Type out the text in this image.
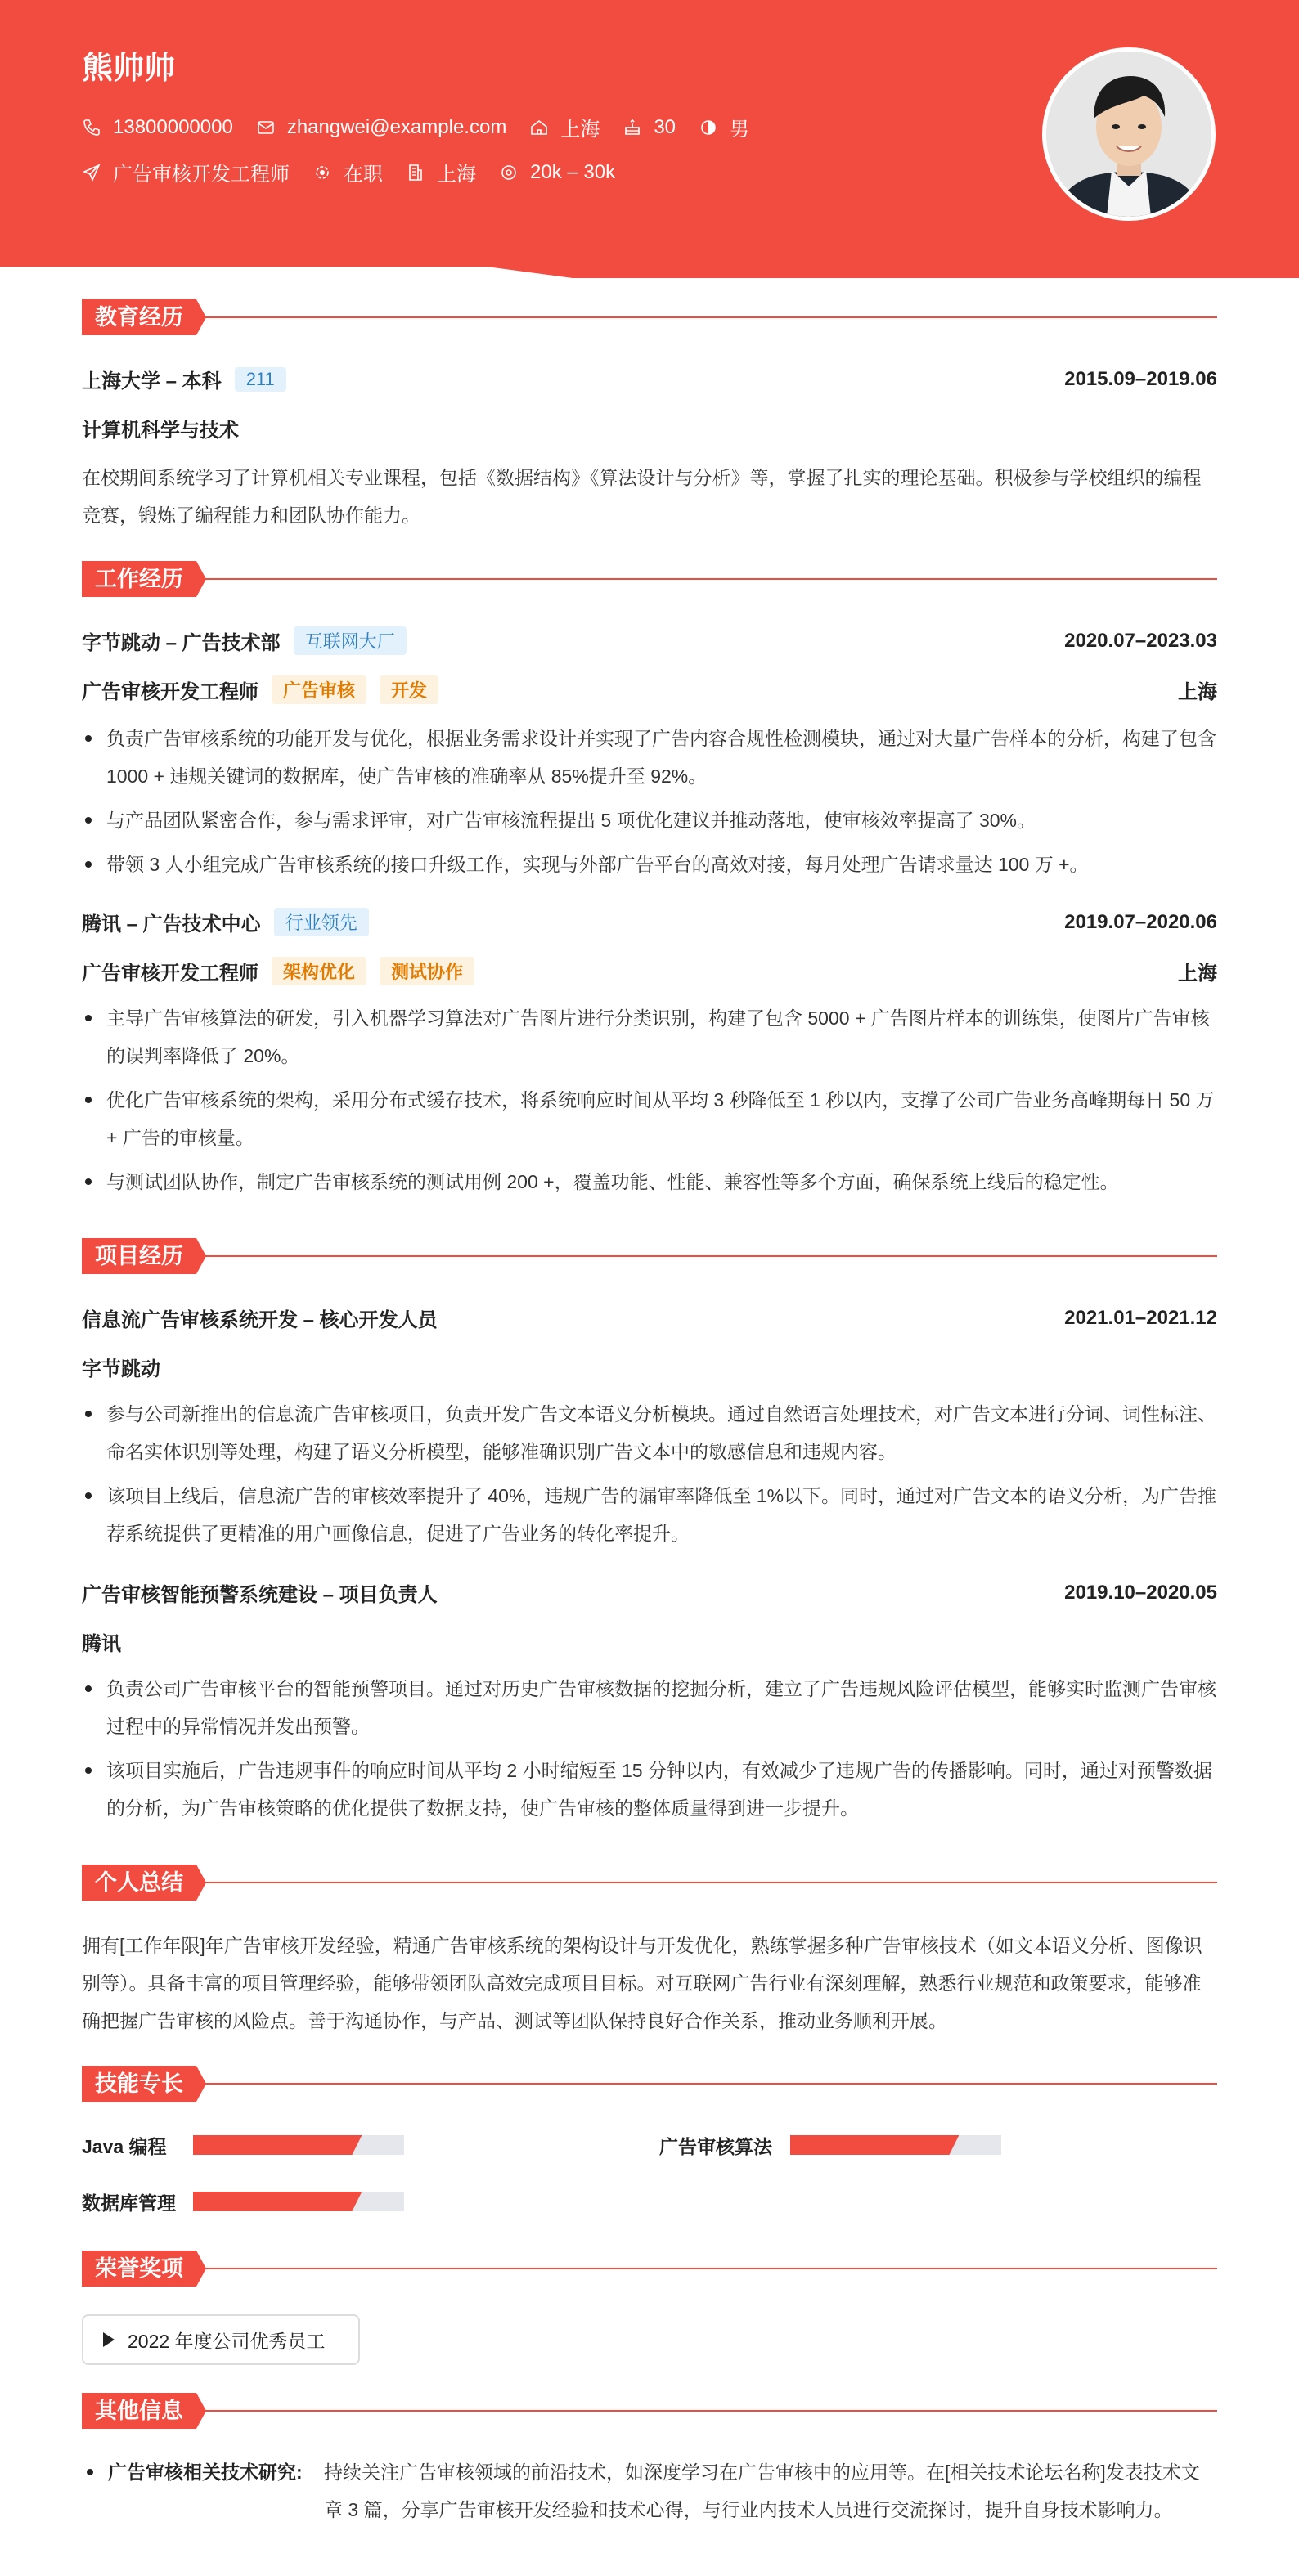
熊帅帅
13800000000	zhangwei@example.com	上海	30	男
广告审核开发工程师	在职	上海	20k – 30k
教育经历
上海大学 – 本科	211	2015.09–2019.06
计算机科学与技术
在校期间系统学习了计算机相关专业课程，包括《数据结构》《算法设计与分析》等，掌握了扎实的理论基础。积极参与学校组织的编程竞赛，锻炼了编程能力和团队协作能力。
工作经历
字节跳动 – 广告技术部	互联网大厂	2020.07–2023.03
广告审核开发工程师	广告审核	开发	上海
负责广告审核系统的功能开发与优化，根据业务需求设计并实现了广告内容合规性检测模块，通过对大量广告样本的分析，构建了包含 1000 + 违规关键词的数据库，使广告审核的准确率从 85%提升至 92%。
与产品团队紧密合作，参与需求评审，对广告审核流程提出 5 项优化建议并推动落地，使审核效率提高了 30%。
带领 3 人小组完成广告审核系统的接口升级工作，实现与外部广告平台的高效对接，每月处理广告请求量达 100 万 +。
腾讯 – 广告技术中心	行业领先	2019.07–2020.06
广告审核开发工程师	架构优化	测试协作	上海
主导广告审核算法的研发，引入机器学习算法对广告图片进行分类识别，构建了包含 5000 + 广告图片样本的训练集，使图片广告审核的误判率降低了 20%。
优化广告审核系统的架构，采用分布式缓存技术，将系统响应时间从平均 3 秒降低至 1 秒以内，支撑了公司广告业务高峰期每日 50 万 + 广告的审核量。
与测试团队协作，制定广告审核系统的测试用例 200 +，覆盖功能、性能、兼容性等多个方面，确保系统上线后的稳定性。
项目经历
信息流广告审核系统开发 – 核心开发人员	2021.01–2021.12
字节跳动
参与公司新推出的信息流广告审核项目，负责开发广告文本语义分析模块。通过自然语言处理技术，对广告文本进行分词、词性标注、命名实体识别等处理，构建了语义分析模型，能够准确识别广告文本中的敏感信息和违规内容。
该项目上线后，信息流广告的审核效率提升了 40%，违规广告的漏审率降低至 1%以下。同时，通过对广告文本的语义分析，为广告推荐系统提供了更精准的用户画像信息，促进了广告业务的转化率提升。
广告审核智能预警系统建设 – 项目负责人	2019.10–2020.05
腾讯
负责公司广告审核平台的智能预警项目。通过对历史广告审核数据的挖掘分析，建立了广告违规风险评估模型，能够实时监测广告审核过程中的异常情况并发出预警。
该项目实施后，广告违规事件的响应时间从平均 2 小时缩短至 15 分钟以内，有效减少了违规广告的传播影响。同时，通过对预警数据的分析，为广告审核策略的优化提供了数据支持，使广告审核的整体质量得到进一步提升。
个人总结
拥有[工作年限]年广告审核开发经验，精通广告审核系统的架构设计与开发优化，熟练掌握多种广告审核技术（如文本语义分析、图像识别等）。具备丰富的项目管理经验，能够带领团队高效完成项目目标。对互联网广告行业有深刻理解，熟悉行业规范和政策要求，能够准确把握广告审核的风险点。善于沟通协作，与产品、测试等团队保持良好合作关系，推动业务顺利开展。
技能专长
Java 编程	广告审核算法
数据库管理
荣誉奖项
2022 年度公司优秀员工
其他信息
广告审核相关技术研究:	持续关注广告审核领域的前沿技术，如深度学习在广告审核中的应用等。在[相关技术论坛名称]发表技术文章 3 篇，分享广告审核开发经验和技术心得，与行业内技术人员进行交流探讨，提升自身技术影响力。
